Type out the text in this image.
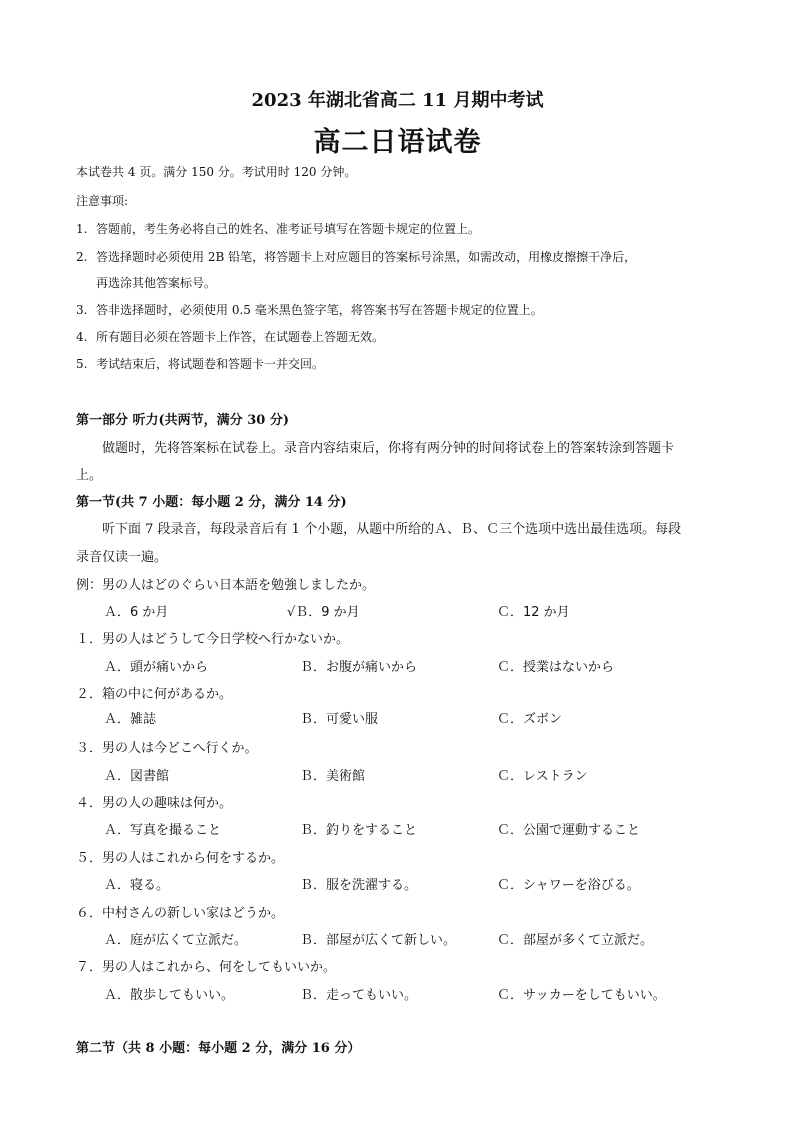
2023 年湖北省高二 11 月期中考试
高二日语试卷
本试卷共 4 页。满分 150 分。考试用时 120 分钟。
注意事项:
1. 答题前，考生务必将自己的姓名、准考证号填写在答题卡规定的位置上。
2. 答选择题时必须使用 2B 铅笔，将答题卡上对应题目的答案标号涂黑，如需改动，用橡皮擦擦干净后，
再选涂其他答案标号。
3. 答非选择题时，必须使用 0.5 毫米黑色签字笔，将答案书写在答题卡规定的位置上。
4. 所有题目必须在答题卡上作答，在试题卷上答题无效。
5. 考试结束后，将试题卷和答题卡一并交回。
第一部分 听力(共两节，满分 30 分)
做题时，先将答案标在试卷上。录音内容结束后，你将有两分钟的时间将试卷上的答案转涂到答题卡
上。
第一节(共 7 小题：每小题 2 分，满分 14 分)
听下面 7 段录音，每段录音后有 1 个小题，从题中所给的Ａ、Ｂ、Ｃ三个选项中选出最佳选项。每段
录音仅读一遍。
例：男の人はどのぐらい日本語を勉強しましたか。
Ａ．6 か月	√Ｂ．9 か月	Ｃ．12 か月
１．男の人はどうして今日学校へ行かないか。
Ａ．頭が痛いから	Ｂ．お腹が痛いから	Ｃ．授業はないから
２．箱の中に何があるか。
Ａ．雑誌	Ｂ．可愛い服	Ｃ．ズボン
３．男の人は今どこへ行くか。
Ａ．図書館	Ｂ．美術館	Ｃ．レストラン
４．男の人の趣味は何か。
Ａ．写真を撮ること	Ｂ．釣りをすること	Ｃ．公園で運動すること
５．男の人はこれから何をするか。
Ａ．寝る。	Ｂ．服を洗濯する。	Ｃ．シャワーを浴びる。
６．中村さんの新しい家はどうか。
Ａ．庭が広くて立派だ。	Ｂ．部屋が広くて新しい。	Ｃ．部屋が多くて立派だ。
７．男の人はこれから、何をしてもいいか。
Ａ．散歩してもいい。	Ｂ．走ってもいい。	Ｃ．サッカーをしてもいい。
第二节（共 8 小题：每小题 2 分，满分 16 分）
